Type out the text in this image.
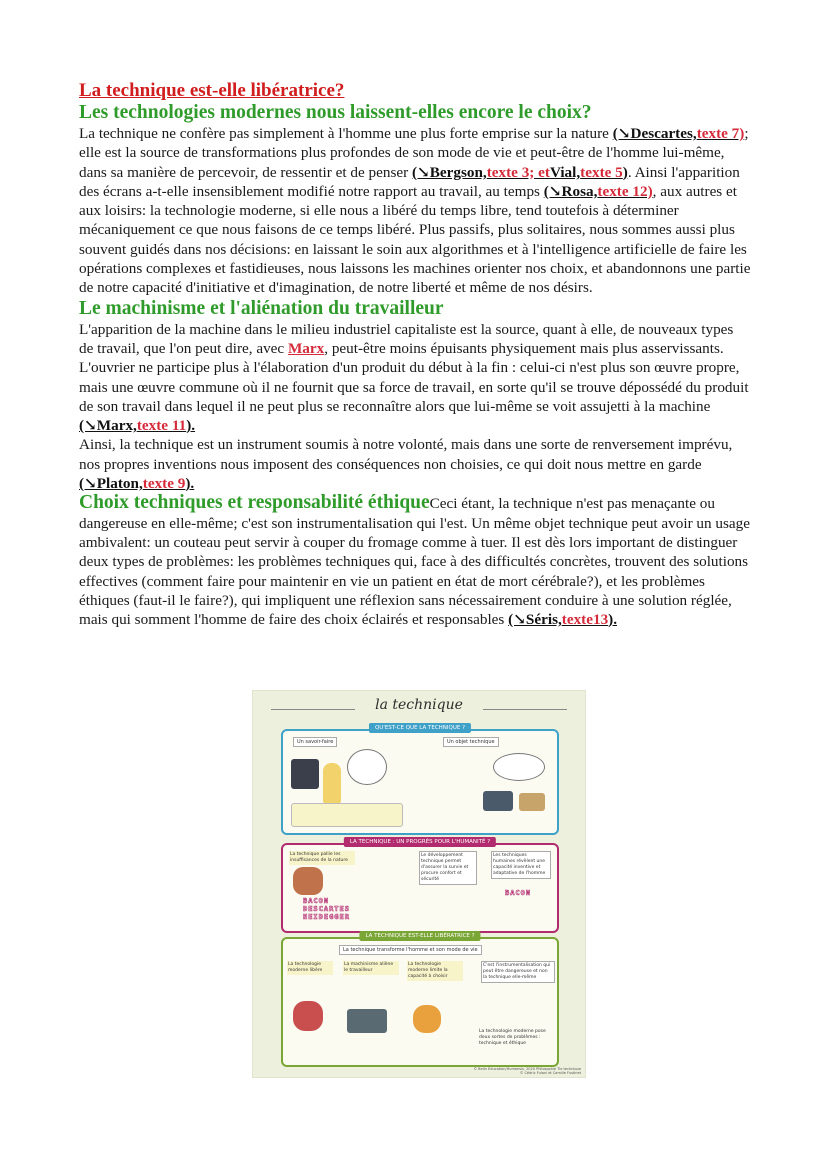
La technique est-elle libératrice?
Les technologies modernes nous laissent-elles encore le choix?

La technique ne confère pas simplement à l'homme une plus forte emprise sur la nature (↘Descartes,texte 7); elle est la source de transformations plus profondes de son mode de vie et peut-être de l'homme lui-même, dans sa manière de percevoir, de ressentir et de penser (↘Bergson,texte 3; etVial,texte 5). Ainsi l'apparition des écrans a-t-elle insensiblement modifié notre rapport au travail, au temps (↘Rosa,texte 12), aux autres et aux loisirs: la technologie moderne, si elle nous a libéré du temps libre, tend toutefois à déterminer mécaniquement ce que nous faisons de ce temps libéré. Plus passifs, plus solitaires, nous sommes aussi plus souvent guidés dans nos décisions: en laissant le soin aux algorithmes et à l'intelligence artificielle de faire les opérations complexes et fastidieuses, nous laissons les machines orienter nos choix, et abandonnons une partie de notre capacité d'initiative et d'imagination, de notre liberté et même de nos désirs.

Le machinisme et l'aliénation du travailleur

L'apparition de la machine dans le milieu industriel capitaliste est la source, quant à elle, de nouveaux types de travail, que l'on peut dire, avec Marx, peut-être moins épuisants physiquement mais plus asservissants. L'ouvrier ne participe plus à l'élaboration d'un produit du début à la fin : celui-ci n'est plus son œuvre propre, mais une œuvre commune où il ne fournit que sa force de travail, en sorte qu'il se trouve dépossédé du produit de son travail dans lequel il ne peut plus se reconnaître alors que lui-même se voit assujetti à la machine (↘Marx,texte 11).

Ainsi, la technique est un instrument soumis à notre volonté, mais dans une sorte de renversement imprévu, nos propres inventions nous imposent des conséquences non choisies, ce qui doit nous mettre en garde (↘Platon,texte 9).

Choix techniques et responsabilité éthiqueCeci étant, la technique n'est pas menaçante ou dangereuse en elle-même; c'est son instrumentalisation qui l'est. Un même objet technique peut avoir un usage ambivalent: un couteau peut servir à couper du fromage comme à tuer. Il est dès lors important de distinguer deux types de problèmes: les problèmes techniques qui, face à des difficultés concrètes, trouvent des solutions effectives (comment faire pour maintenir en vie un patient en état de mort cérébrale?), et les problèmes éthiques (faut-il le faire?), qui impliquent une réflexion sans nécessairement conduire à une solution réglée, mais qui somment l'homme de faire des choix éclairés et responsables (↘Séris,texte13).

la technique
QU'EST-CE QUE LA TECHNIQUE ?
Un savoir-faire	Un objet technique
LA TECHNIQUE : UN PROGRÈS POUR L'HUMANITÉ ?
La technique pallie les insuffisances de la nature
BACON
DESCARTES
HEIDEGGER
Le développement technique permet d'assurer la survie et procure confort et sécurité
Les techniques humaines révèlent une capacité inventive et adaptative de l'homme
BACON
LA TECHNIQUE EST-ELLE LIBÉRATRICE ?
La technique transforme l'homme et son mode de vie
La technologie moderne libère
La machinisme aliène le travailleur
La technologie moderne limite la capacité à choisir
C'est l'instrumentalisation qui peut être dangereuse et non la technique elle-même
La technologie moderne pose deux sortes de problèmes : technique et éthique
© Belin Education/Humensis, 2020 Philosophie Tle technique
© Cédric Fulani et Camille Fustinet
